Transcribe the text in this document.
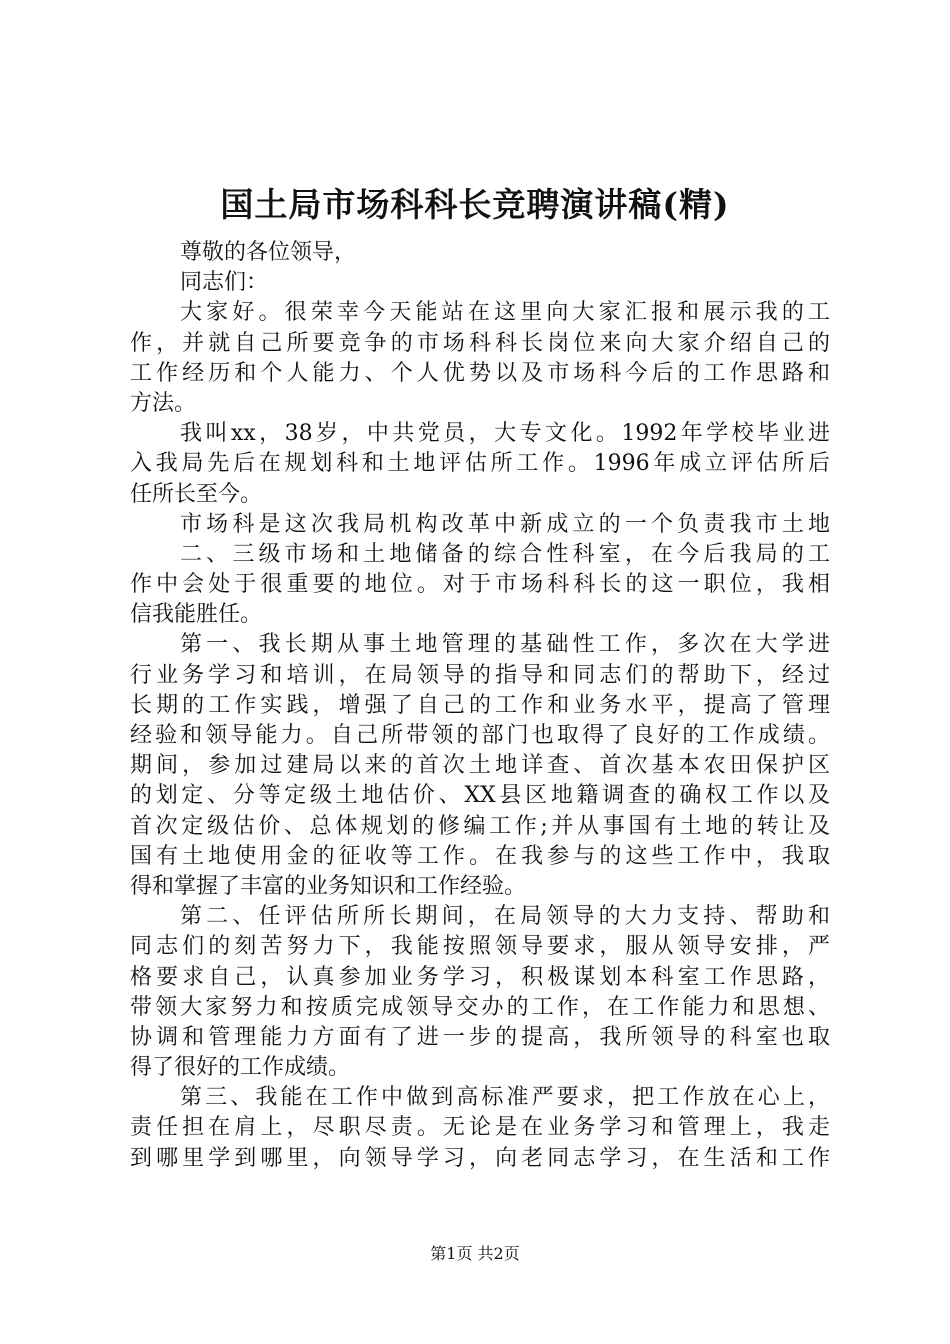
国土局市场科科长竞聘演讲稿(精)
尊敬的各位领导，
同志们：
大家好。很荣幸今天能站在这里向大家汇报和展示我的工
作，并就自己所要竞争的市场科科长岗位来向大家介绍自己的
工作经历和个人能力、个人优势以及市场科今后的工作思路和
方法。
我叫xx，38岁，中共党员，大专文化。1992年学校毕业进
入我局先后在规划科和土地评估所工作。1996年成立评估所后
任所长至今。
市场科是这次我局机构改革中新成立的一个负责我市土地
二、三级市场和土地储备的综合性科室，在今后我局的工
作中会处于很重要的地位。对于市场科科长的这一职位，我相
信我能胜任。
第一、我长期从事土地管理的基础性工作，多次在大学进
行业务学习和培训，在局领导的指导和同志们的帮助下，经过
长期的工作实践，增强了自己的工作和业务水平，提高了管理
经验和领导能力。自己所带领的部门也取得了良好的工作成绩。
期间，参加过建局以来的首次土地详查、首次基本农田保护区
的划定、分等定级土地估价、XX县区地籍调查的确权工作以及
首次定级估价、总体规划的修编工作;并从事国有土地的转让及
国有土地使用金的征收等工作。在我参与的这些工作中，我取
得和掌握了丰富的业务知识和工作经验。
第二、任评估所所长期间，在局领导的大力支持、帮助和
同志们的刻苦努力下，我能按照领导要求，服从领导安排，严
格要求自己，认真参加业务学习，积极谋划本科室工作思路，
带领大家努力和按质完成领导交办的工作，在工作能力和思想、
协调和管理能力方面有了进一步的提高，我所领导的科室也取
得了很好的工作成绩。
第三、我能在工作中做到高标准严要求，把工作放在心上，
责任担在肩上，尽职尽责。无论是在业务学习和管理上，我走
到哪里学到哪里，向领导学习，向老同志学习，在生活和工作
第1页 共2页
